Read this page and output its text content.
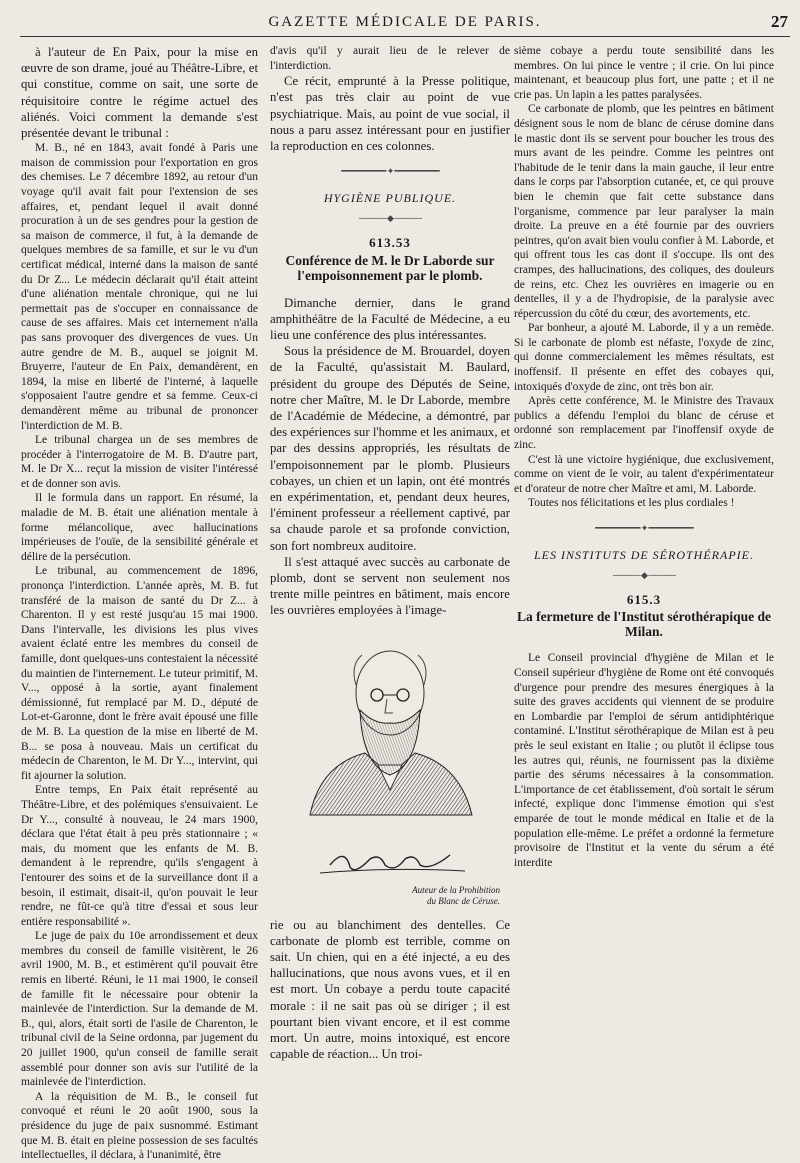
GAZETTE MÉDICALE DE PARIS.	27

à l'auteur de En Paix, pour la mise en œuvre de son drame, joué au Théâtre-Libre, et qui constitue, comme on sait, une sorte de réquisitoire contre le régime actuel des aliénés. Voici comment la demande s'est présentée devant le tribunal :

M. B., né en 1843, avait fondé à Paris une maison de commission pour l'exportation en gros des chemises. Le 7 décembre 1892, au retour d'un voyage qu'il avait fait pour l'extension de ses affaires, et, pendant lequel il avait donné procuration à un de ses gendres pour la gestion de sa maison de commerce, il fut, à la demande de quelques membres de sa famille, et sur le vu d'un certificat médical, interné dans la maison de santé du Dr Z... Le médecin déclarait qu'il était atteint d'une aliénation mentale chronique, qui ne lui permettait pas de s'occuper en connaissance de cause de ses affaires. Mais cet internement n'alla pas sans provoquer des divergences de vues. Un autre gendre de M. B., auquel se joignit M. Bruyerre, l'auteur de En Paix, demandèrent, en 1894, la mise en liberté de l'interné, à laquelle s'opposaient l'autre gendre et sa femme. Ceux-ci demandèrent même au tribunal de prononcer l'interdiction de M. B.

Le tribunal chargea un de ses membres de procéder à l'interrogatoire de M. B. D'autre part, M. le Dr X... reçut la mission de visiter l'intéressé et de donner son avis.

Il le formula dans un rapport. En résumé, la maladie de M. B. était une aliénation mentale à forme mélancolique, avec hallucinations impérieuses de l'ouïe, de la sensibilité générale et délire de la persécution.

Le tribunal, au commencement de 1896, prononça l'interdiction. L'année après, M. B. fut transféré de la maison de santé du Dr Z... à Charenton. Il y est resté jusqu'au 15 mai 1900. Dans l'intervalle, les divisions les plus vives avaient éclaté entre les membres du conseil de famille, dont quelques-uns contestaient la nécessité du maintien de l'internement. Le tuteur primitif, M. V..., opposé à la sortie, ayant finalement démissionné, fut remplacé par M. D., député de Lot-et-Garonne, dont le frère avait épousé une fille de M. B. La question de la mise en liberté de M. B... se posa à nouveau. Mais un certificat du médecin de Charenton, le M. Dr Y..., intervint, qui fit ajourner la solution.

Entre temps, En Paix était représenté au Théâtre-Libre, et des polémiques s'ensuivaient. Le Dr Y..., consulté à nouveau, le 24 mars 1900, déclara que l'état était à peu près stationnaire ; « mais, du moment que les enfants de M. B. demandent à le reprendre, qu'ils s'engagent à l'entourer des soins et de la surveillance dont il a besoin, il estimait, disait-il, qu'on pouvait le leur rendre, ne fût-ce qu'à titre d'essai et sous leur entière responsabilité ».

Le juge de paix du 10e arrondissement et deux membres du conseil de famille visitèrent, le 26 avril 1900, M. B., et estimèrent qu'il pouvait être remis en liberté. Réuni, le 11 mai 1900, le conseil de famille fit le nécessaire pour obtenir la mainlevée de l'interdiction. Sur la demande de M. B., qui, alors, était sorti de l'asile de Charenton, le tribunal civil de la Seine ordonna, par jugement du 20 juillet 1900, qu'un conseil de famille serait assemblé pour donner son avis sur l'utilité de la mainlevée de l'interdiction.

A la réquisition de M. B., le conseil fut convoqué et réuni le 20 août 1900, sous la présidence du juge de paix susnommé. Estimant que M. B. était en pleine possession de ses facultés intellectuelles, il déclara, à l'unanimité, être

d'avis qu'il y aurait lieu de le relever de l'interdiction.

Ce récit, emprunté à la Presse politique, n'est pas très clair au point de vue psychiatrique. Mais, au point de vue social, il nous a paru assez intéressant pour en justifier la reproduction en ces colonnes.

━━━━━━━━━━ ✦ ━━━━━━━━━━
HYGIÈNE PUBLIQUE.
───── ◆ ─────
613.53
Conférence de M. le Dr Laborde sur l'empoisonnement par le plomb.

Dimanche dernier, dans le grand amphithéâtre de la Faculté de Médecine, a eu lieu une conférence des plus intéressantes.

Sous la présidence de M. Brouardel, doyen de la Faculté, qu'assistait M. Baulard, président du groupe des Députés de Seine, notre cher Maître, M. le Dr Laborde, membre de l'Académie de Médecine, a démontré, par des expériences sur l'homme et les animaux, et par des dessins appropriés, les résultats de l'empoisonnement par le plomb. Plusieurs cobayes, un chien et un lapin, ont été montrés en expérimentation, et, pendant deux heures, l'éminent professeur a réellement captivé, par sa chaude parole et sa profonde conviction, son fort nombreux auditoire.

Il s'est attaqué avec succès au carbonate de plomb, dont se servent non seulement nos trente mille peintres en bâtiment, mais encore les ouvrières employées à l'image-

Auteur de la Prohibition
du Blanc de Céruse.

rie ou au blanchiment des dentelles. Ce carbonate de plomb est terrible, comme on sait. Un chien, qui en a été injecté, a eu des hallucinations, que nous avons vues, et il en est mort. Un cobaye a perdu toute capacité morale : il ne sait pas où se diriger ; il est pourtant bien vivant encore, et il est comme mort. Un autre, moins intoxiqué, est encore capable de réaction... Un troi-

sième cobaye a perdu toute sensibilité dans les membres. On lui pince le ventre ; il crie. On lui pince maintenant, et beaucoup plus fort, une patte ; et il ne crie pas. Un lapin a les pattes paralysées.

Ce carbonate de plomb, que les peintres en bâtiment désignent sous le nom de blanc de céruse domine dans le mastic dont ils se servent pour boucher les trous des murs avant de les peindre. Comme les peintres ont l'habitude de le tenir dans la main gauche, il leur entre dans le corps par l'absorption cutanée, et, ce qui prouve bien le chemin que fait cette substance dans l'organisme, commence par leur paralyser la main droite. La preuve en a été fournie par des ouvriers peintres, qu'on avait bien voulu confier à M. Laborde, et qui offrent tous les cas dont il s'occupe. Ils ont des crampes, des hallucinations, des coliques, des douleurs de reins, etc. Chez les ouvrières en imagerie ou en dentelles, il y a de l'hydropisie, de la paralysie avec répercussion du côté du cœur, des avortements, etc.

Par bonheur, a ajouté M. Laborde, il y a un remède. Si le carbonate de plomb est néfaste, l'oxyde de zinc, qui donne commercialement les mêmes résultats, est inoffensif. Il présente en effet des cobayes qui, intoxiqués d'oxyde de zinc, ont très bon air.

Après cette conférence, M. le Ministre des Travaux publics a défendu l'emploi du blanc de céruse et ordonné son remplacement par l'inoffensif oxyde de zinc.

C'est là une victoire hygiénique, due exclusivement, comme on vient de le voir, au talent d'expérimentateur et d'orateur de notre cher Maître et ami, M. Laborde.

Toutes nos félicitations et les plus cordiales !

━━━━━━━━━━ ✦ ━━━━━━━━━━
LES INSTITUTS DE SÉROTHÉRAPIE.
───── ◆ ─────
615.3
La fermeture de l'Institut sérothérapique de Milan.

Le Conseil provincial d'hygiène de Milan et le Conseil supérieur d'hygiène de Rome ont été convoqués d'urgence pour prendre des mesures énergiques à la suite des graves accidents qui viennent de se produire en Lombardie par l'emploi de sérum antidiphtérique contaminé. L'Institut sérothérapique de Milan est à peu près le seul existant en Italie ; ou plutôt il éclipse tous les autres qui, réunis, ne fournissent pas la dixième partie des sérums nécessaires à la consommation. L'importance de cet établissement, d'où sortait le sérum infecté, explique donc l'immense émotion qui s'est emparée de tout le monde médical en Italie et de la population elle-même. Le préfet a ordonné la fermeture provisoire de l'Institut et la vente du sérum a été interdite
